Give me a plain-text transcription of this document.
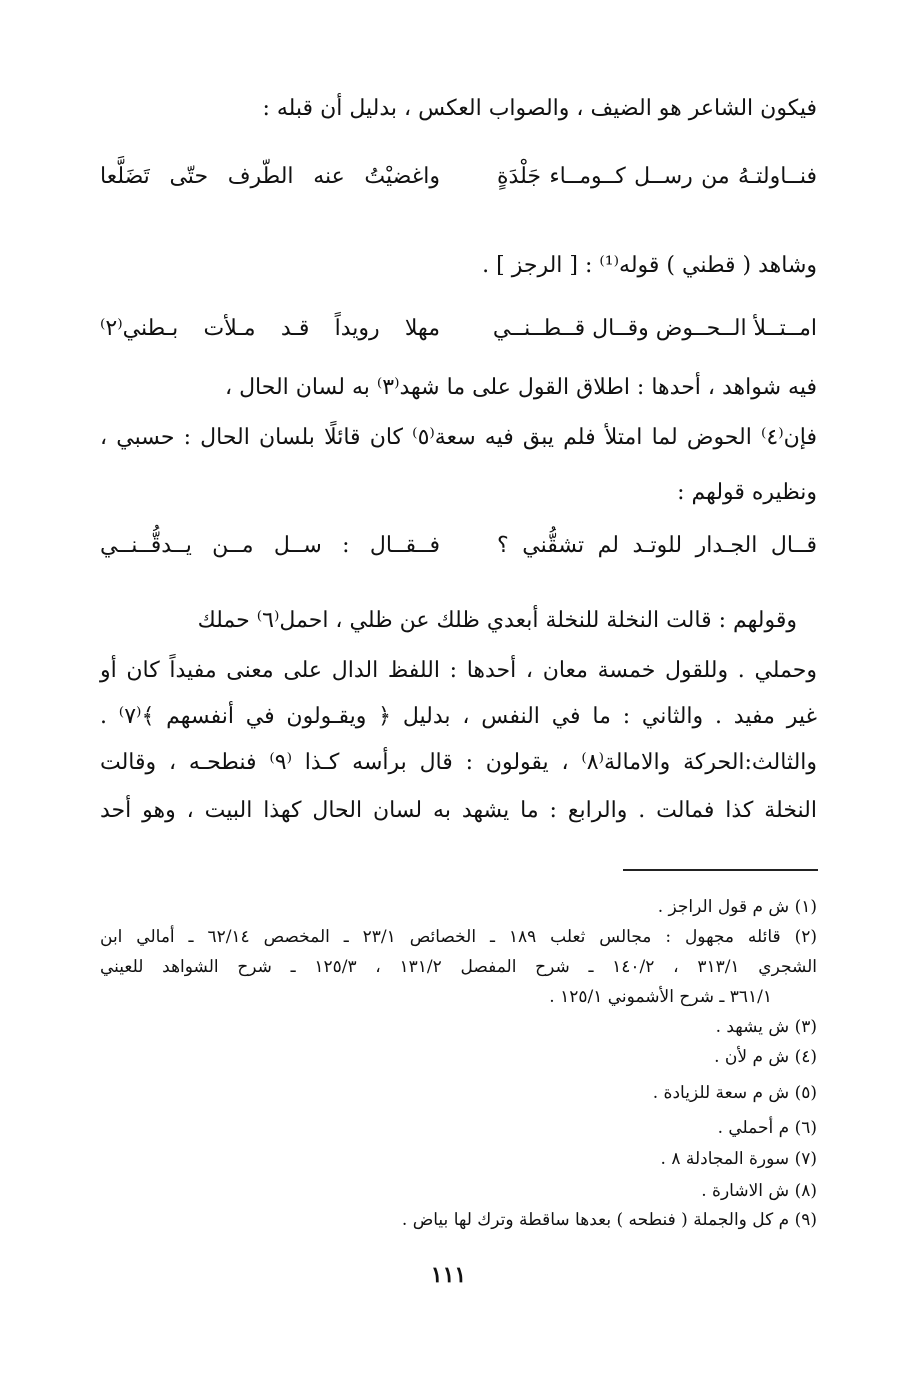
فيكون الشاعر هو الضيف ، والصواب العكس ، بدليل أن قبله :
فنــاولتـهُ من رســل كــومــاء جَلْدَةٍ
واغضيْتُ عنه الطّرف حتّى تَضَلَّعا
وشاهد ( قطني ) قوله⁽¹⁾ : [ الرجز ] .
امــتــلأ الــحــوض وقــال قــطــنــي
مهلا رويداً قـد مـلأت بـطني⁽٢⁾
فيه شواهد ، أحدها : اطلاق القول على ما شهد⁽٣⁾ به لسان الحال ،
فإن⁽٤⁾ الحوض لما امتلأ فلم يبق فيه سعة⁽٥⁾ كان قائلًا بلسان الحال : حسبي ،
ونظيره قولهم :
قــال الجـدار للوتـد لم تشقُّني ؟
فــقــال : ســل مــن يــدقُّــنــي
وقولهم : قالت النخلة للنخلة أبعدي ظلك عن ظلي ، احمل⁽٦⁾ حملك
وحملي . وللقول خمسة معان ، أحدها : اللفظ الدال على معنى مفيداً كان أو
غير مفيد . والثاني : ما في النفس ، بدليل ﴿ ويقـولون في أنفسهم ﴾⁽٧⁾ .
والثالث:الحركة والامالة⁽٨⁾ ، يقولون : قال برأسه كـذا ⁽٩⁾ فنطحـه ، وقالت
النخلة كذا فمالت . والرابع : ما يشهد به لسان الحال كهذا البيت ، وهو أحد
(١) ش م قول الراجز .
(٢) قائله مجهول : مجالس ثعلب ١٨٩ ـ الخصائص ٢٣/١ ـ المخصص ٦٢/١٤ ـ أمالي ابن
الشجري ٣١٣/١ ، ١٤٠/٢ ـ شرح المفصل ١٣١/٢ ، ١٢٥/٣ ـ شرح الشواهد للعيني
٣٦١/١ ـ شرح الأشموني ١٢٥/١ .
(٣) ش يشهد .
(٤) ش م لأن .
(٥) ش م سعة للزيادة .
(٦) م أحملي .
(٧) سورة المجادلة ٨ .
(٨) ش الاشارة .
(٩) م كل والجملة ( فنطحه ) بعدها ساقطة وترك لها بياض .
١١١
